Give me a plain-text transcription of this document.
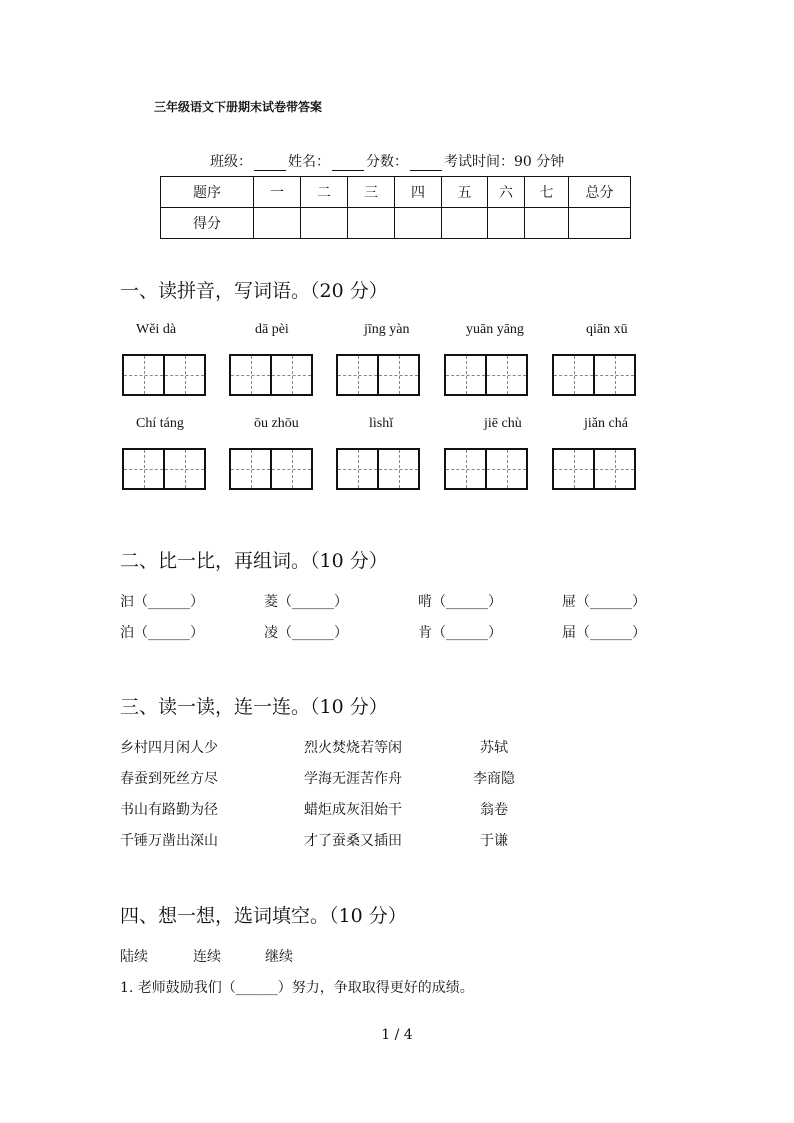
三年级语文下册期末试卷带答案
班级：	姓名：	分数：	考试时间：90 分钟
题序	一	二	三	四	五	六	七	总分
得分								
一、读拼音，写词语。（20 分）
Wěi dà	dā pèi	jīng yàn	yuān yāng	qiān xū
Chí táng	ōu zhōu	lìshǐ	jiē chù	jiǎn chá
二、比一比，再组词。（10 分）
汩（______）	菱（______）	啃（______）	屉（______）
泊（______）	凌（______）	肯（______）	届（______）
三、读一读，连一连。（10 分）
乡村四月闲人少	烈火焚烧若等闲	苏轼
春蚕到死丝方尽	学海无涯苦作舟	李商隐
书山有路勤为径	蜡炬成灰泪始干	翁卷
千锤万凿出深山	才了蚕桑又插田	于谦
四、想一想，选词填空。（10 分）
陆续	连续	继续
1. 老师鼓励我们（______）努力，争取取得更好的成绩。
1 / 4
